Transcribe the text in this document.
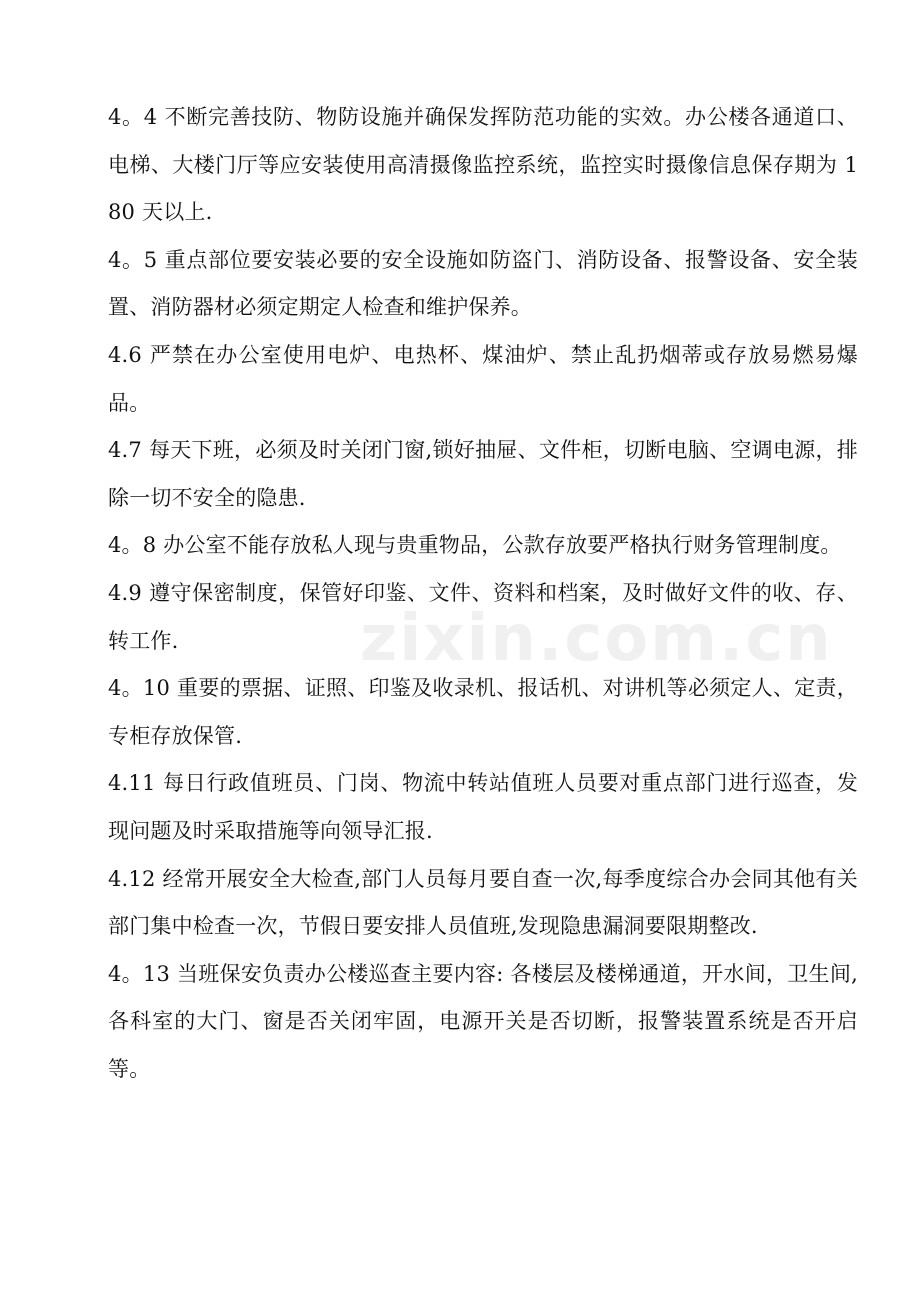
4。4 不断完善技防、物防设施并确保发挥防范功能的实效。办公楼各通道口、电梯、大楼门厅等应安装使用高清摄像监控系统，监控实时摄像信息保存期为 180 天以上.

4。5 重点部位要安装必要的安全设施如防盗门、消防设备、报警设备、安全装置、消防器材必须定期定人检查和维护保养。

4.6 严禁在办公室使用电炉、电热杯、煤油炉、禁止乱扔烟蒂或存放易燃易爆品。

4.7 每天下班，必须及时关闭门窗,锁好抽屉、文件柜，切断电脑、空调电源，排除一切不安全的隐患.

4。8 办公室不能存放私人现与贵重物品，公款存放要严格执行财务管理制度。

4.9 遵守保密制度，保管好印鉴、文件、资料和档案，及时做好文件的收、存、转工作.

4。10 重要的票据、证照、印鉴及收录机、报话机、对讲机等必须定人、定责，专柜存放保管.

4.11 每日行政值班员、门岗、物流中转站值班人员要对重点部门进行巡查，发现问题及时采取措施等向领导汇报.

4.12 经常开展安全大检查,部门人员每月要自查一次,每季度综合办会同其他有关部门集中检查一次，节假日要安排人员值班,发现隐患漏洞要限期整改.

4。13 当班保安负责办公楼巡查主要内容: 各楼层及楼梯通道，开水间，卫生间,各科室的大门、窗是否关闭牢固，电源开关是否切断，报警装置系统是否开启等。

zixin.com.cn
